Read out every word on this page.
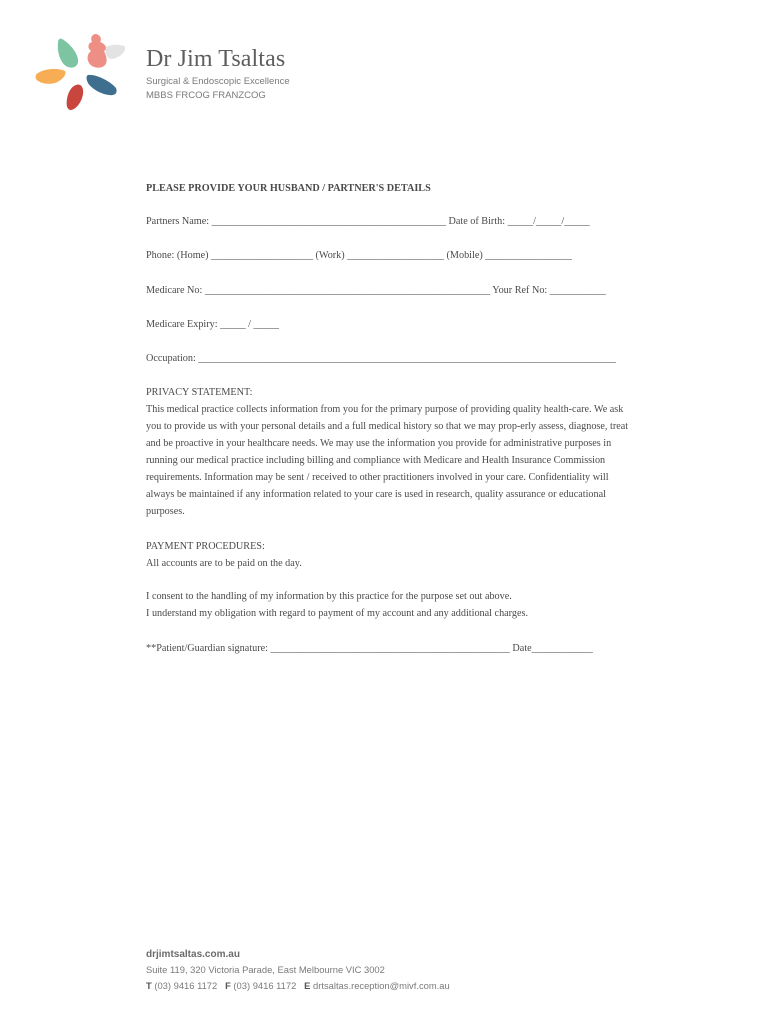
Dr Jim Tsaltas
Surgical & Endoscopic Excellence
MBBS FRCOG FRANZCOG
PLEASE PROVIDE YOUR HUSBAND / PARTNER'S DETAILS
Partners Name: ______________________________________________ Date of Birth: _____/_____/_____
Phone: (Home) ____________________ (Work) ___________________ (Mobile) _________________
Medicare No: ________________________________________________________ Your Ref No: ___________
Medicare Expiry: _____ / _____
Occupation: __________________________________________________________________________________
PRIVACY STATEMENT:
This medical practice collects information from you for the primary purpose of providing quality health-care. We ask you to provide us with your personal details and a full medical history so that we may prop-erly assess, diagnose, treat and be proactive in your healthcare needs. We may use the information you provide for administrative purposes in running our medical practice including billing and compliance with Medicare and Health Insurance Commission requirements. Information may be sent / received to other practitioners involved in your care. Confidentiality will always be maintained if any information related to your care is used in research, quality assurance or educational purposes.
PAYMENT PROCEDURES:
All accounts are to be paid on the day.
I consent to the handling of my information by this practice for the purpose set out above.
I understand my obligation with regard to payment of my account and any additional charges.
**Patient/Guardian signature: _______________________________________________ Date____________
drjimtsaltas.com.au
Suite 119, 320 Victoria Parade, East Melbourne VIC 3002
T (03) 9416 1172 F (03) 9416 1172 E drtsaltas.reception@mivf.com.au
